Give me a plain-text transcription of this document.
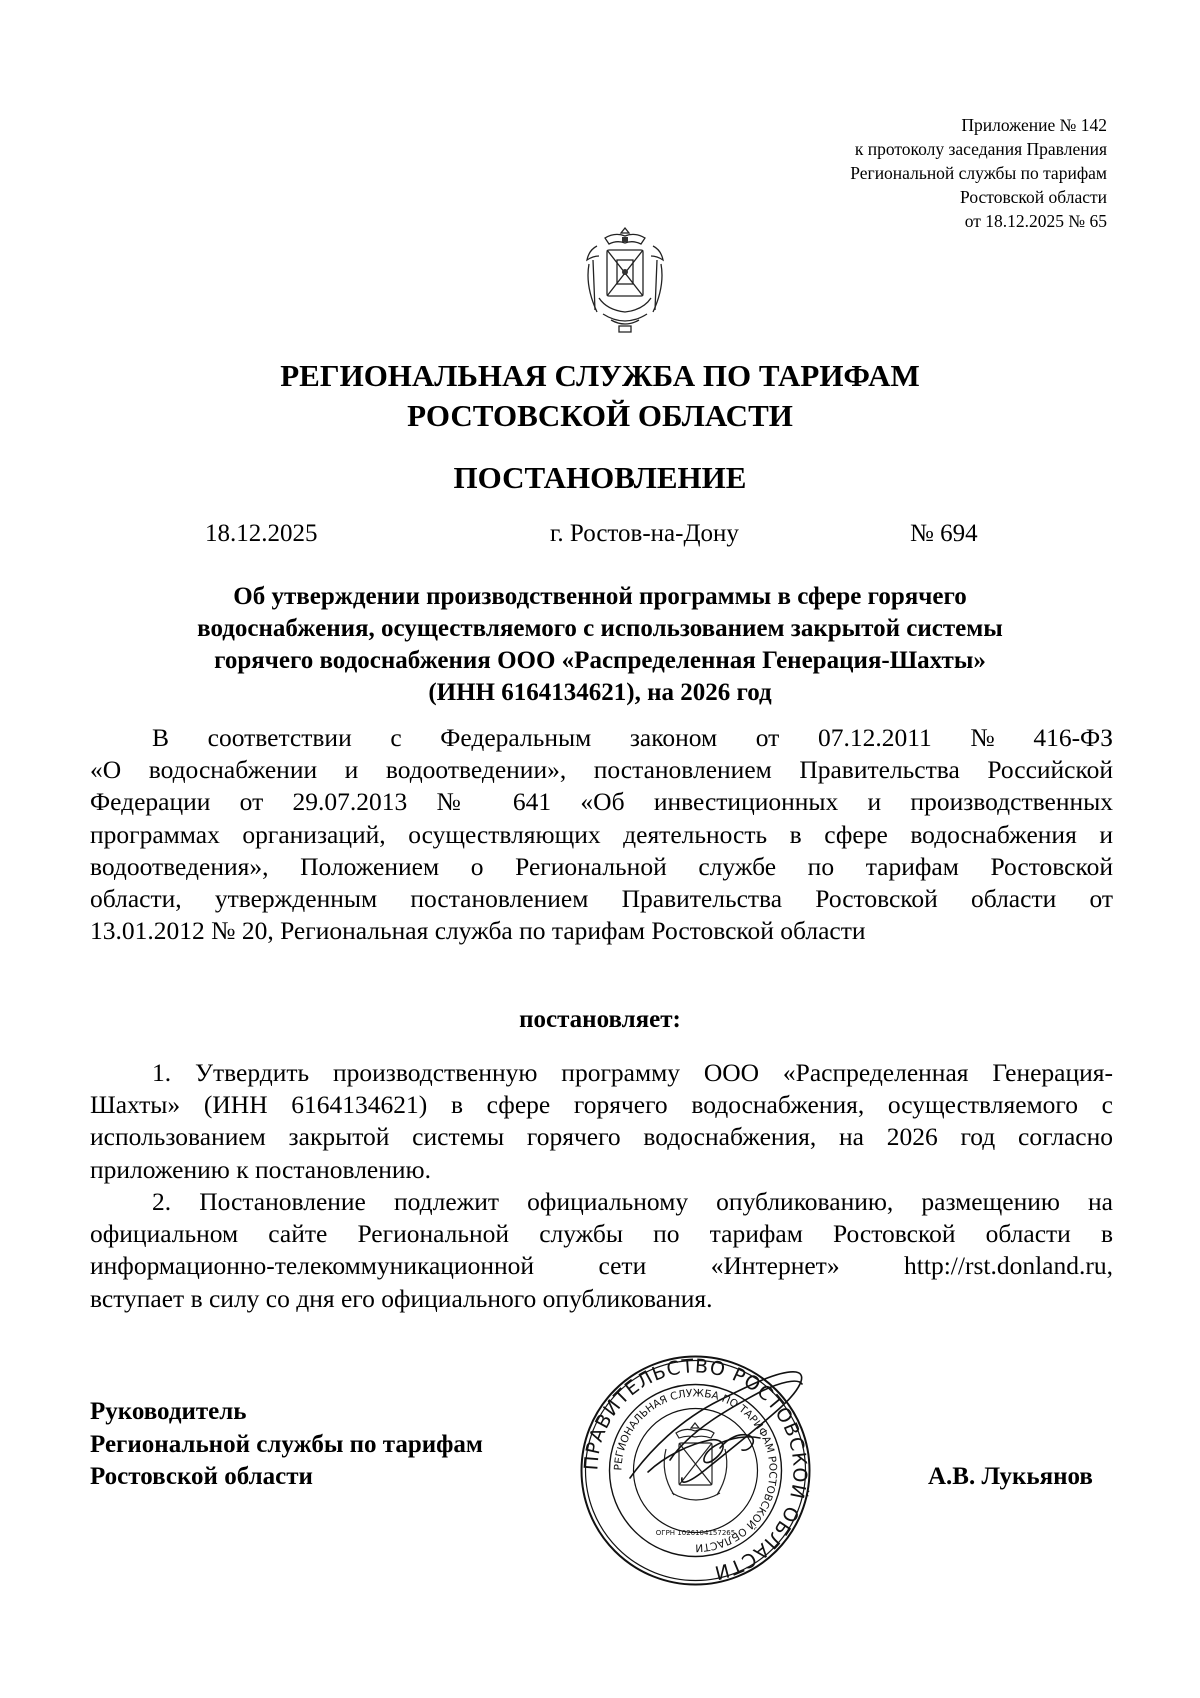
Приложение № 142
к протоколу заседания Правления
Региональной службы по тарифам
Ростовской области
от 18.12.2025 № 65
РЕГИОНАЛЬНАЯ СЛУЖБА ПО ТАРИФАМ
РОСТОВСКОЙ ОБЛАСТИ
ПОСТАНОВЛЕНИЕ
18.12.2025	г. Ростов-на-Дону	№ 694
Об утверждении производственной программы в сфере горячего
водоснабжения, осуществляемого с использованием закрытой системы
горячего водоснабжения ООО «Распределенная Генерация-Шахты»
(ИНН 6164134621), на 2026 год
В соответствии с Федеральным законом от 07.12.2011 № 416-ФЗ
«О водоснабжении и водоотведении», постановлением Правительства Российской
Федерации от 29.07.2013 № 641 «Об инвестиционных и производственных
программах организаций, осуществляющих деятельность в сфере водоснабжения и
водоотведения», Положением о Региональной службе по тарифам Ростовской
области, утвержденным постановлением Правительства Ростовской области от
13.01.2012 № 20, Региональная служба по тарифам Ростовской области
постановляет:
1. Утвердить производственную программу ООО «Распределенная Генерация-
Шахты» (ИНН 6164134621) в сфере горячего водоснабжения, осуществляемого с
использованием закрытой системы горячего водоснабжения, на 2026 год согласно
приложению к постановлению.
2. Постановление подлежит официальному опубликованию, размещению на
официальном сайте Региональной службы по тарифам Ростовской области в
информационно-телекоммуникационной	сети	«Интернет»	http://rst.donland.ru,
вступает в силу со дня его официального опубликования.
Руководитель
Региональной службы по тарифам
Ростовской области	А.В. Лукьянов
ПРАВИТЕЛЬСТВО РОСТОВСКОЙ ОБЛАСТИ
РЕГИОНАЛЬНАЯ СЛУЖБА ПО ТАРИФАМ РОСТОВСКОЙ ОБЛАСТИ
ОГРН 1026104157265
